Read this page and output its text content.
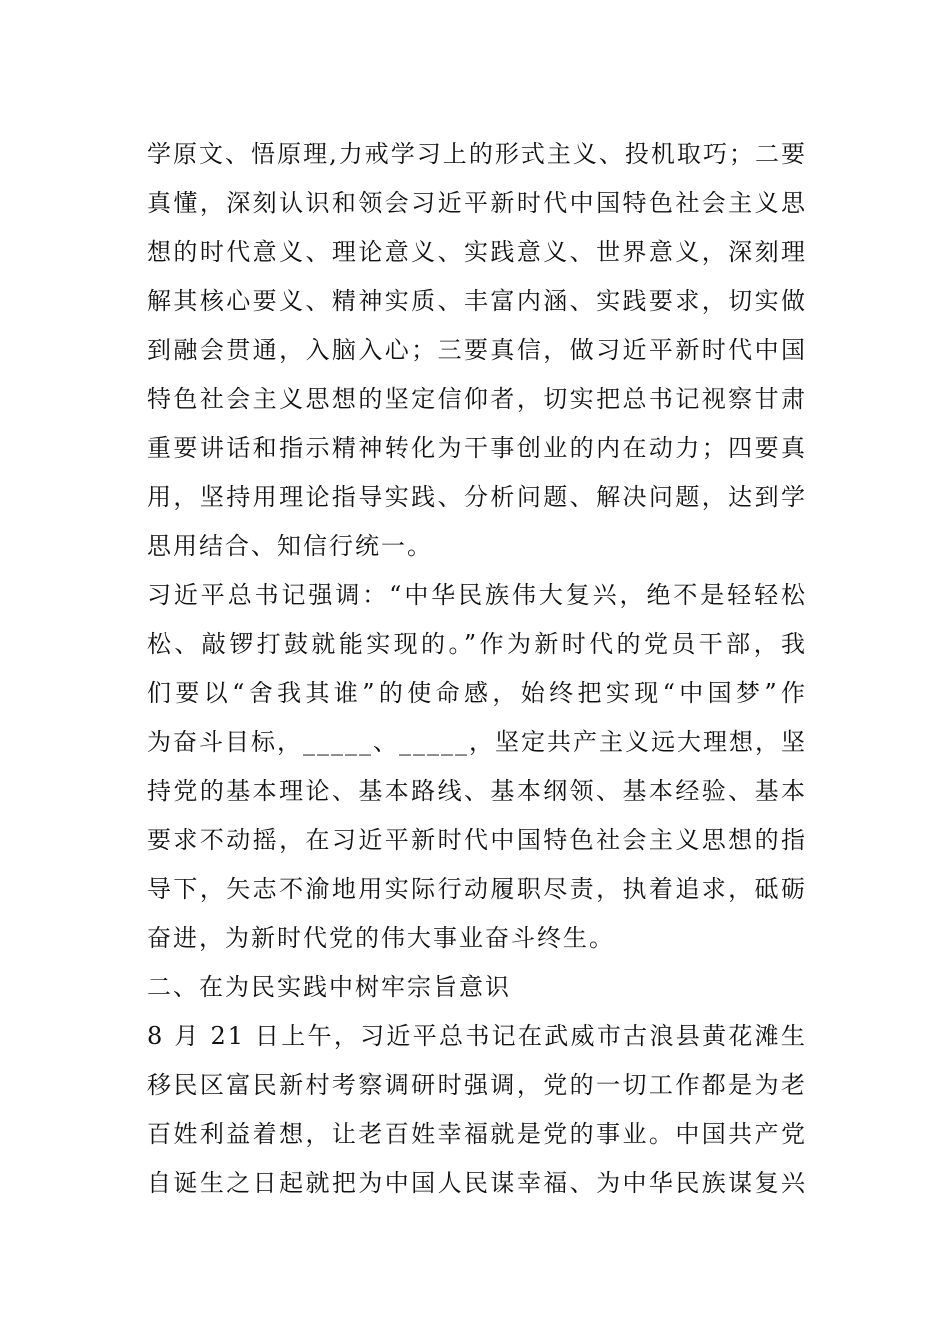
学原文、悟原理,力戒学习上的形式主义、投机取巧；二要
真懂，深刻认识和领会习近平新时代中国特色社会主义思
想的时代意义、理论意义、实践意义、世界意义，深刻理
解其核心要义、精神实质、丰富内涵、实践要求，切实做
到融会贯通，入脑入心；三要真信，做习近平新时代中国
特色社会主义思想的坚定信仰者，切实把总书记视察甘肃
重要讲话和指示精神转化为干事创业的内在动力；四要真
用，坚持用理论指导实践、分析问题、解决问题，达到学
思用结合、知信行统一。
习近平总书记强调：“中华民族伟大复兴，绝不是轻轻松
松、敲锣打鼓就能实现的。”作为新时代的党员干部，我
们要以“舍我其谁”的使命感，始终把实现“中国梦”作
为奋斗目标，_____、_____，坚定共产主义远大理想，坚
持党的基本理论、基本路线、基本纲领、基本经验、基本
要求不动摇，在习近平新时代中国特色社会主义思想的指
导下，矢志不渝地用实际行动履职尽责，执着追求，砥砺
奋进，为新时代党的伟大事业奋斗终生。
二、在为民实践中树牢宗旨意识
8 月 21 日上午，习近平总书记在武威市古浪县黄花滩生
移民区富民新村考察调研时强调，党的一切工作都是为老
百姓利益着想，让老百姓幸福就是党的事业。中国共产党
自诞生之日起就把为中国人民谋幸福、为中华民族谋复兴
